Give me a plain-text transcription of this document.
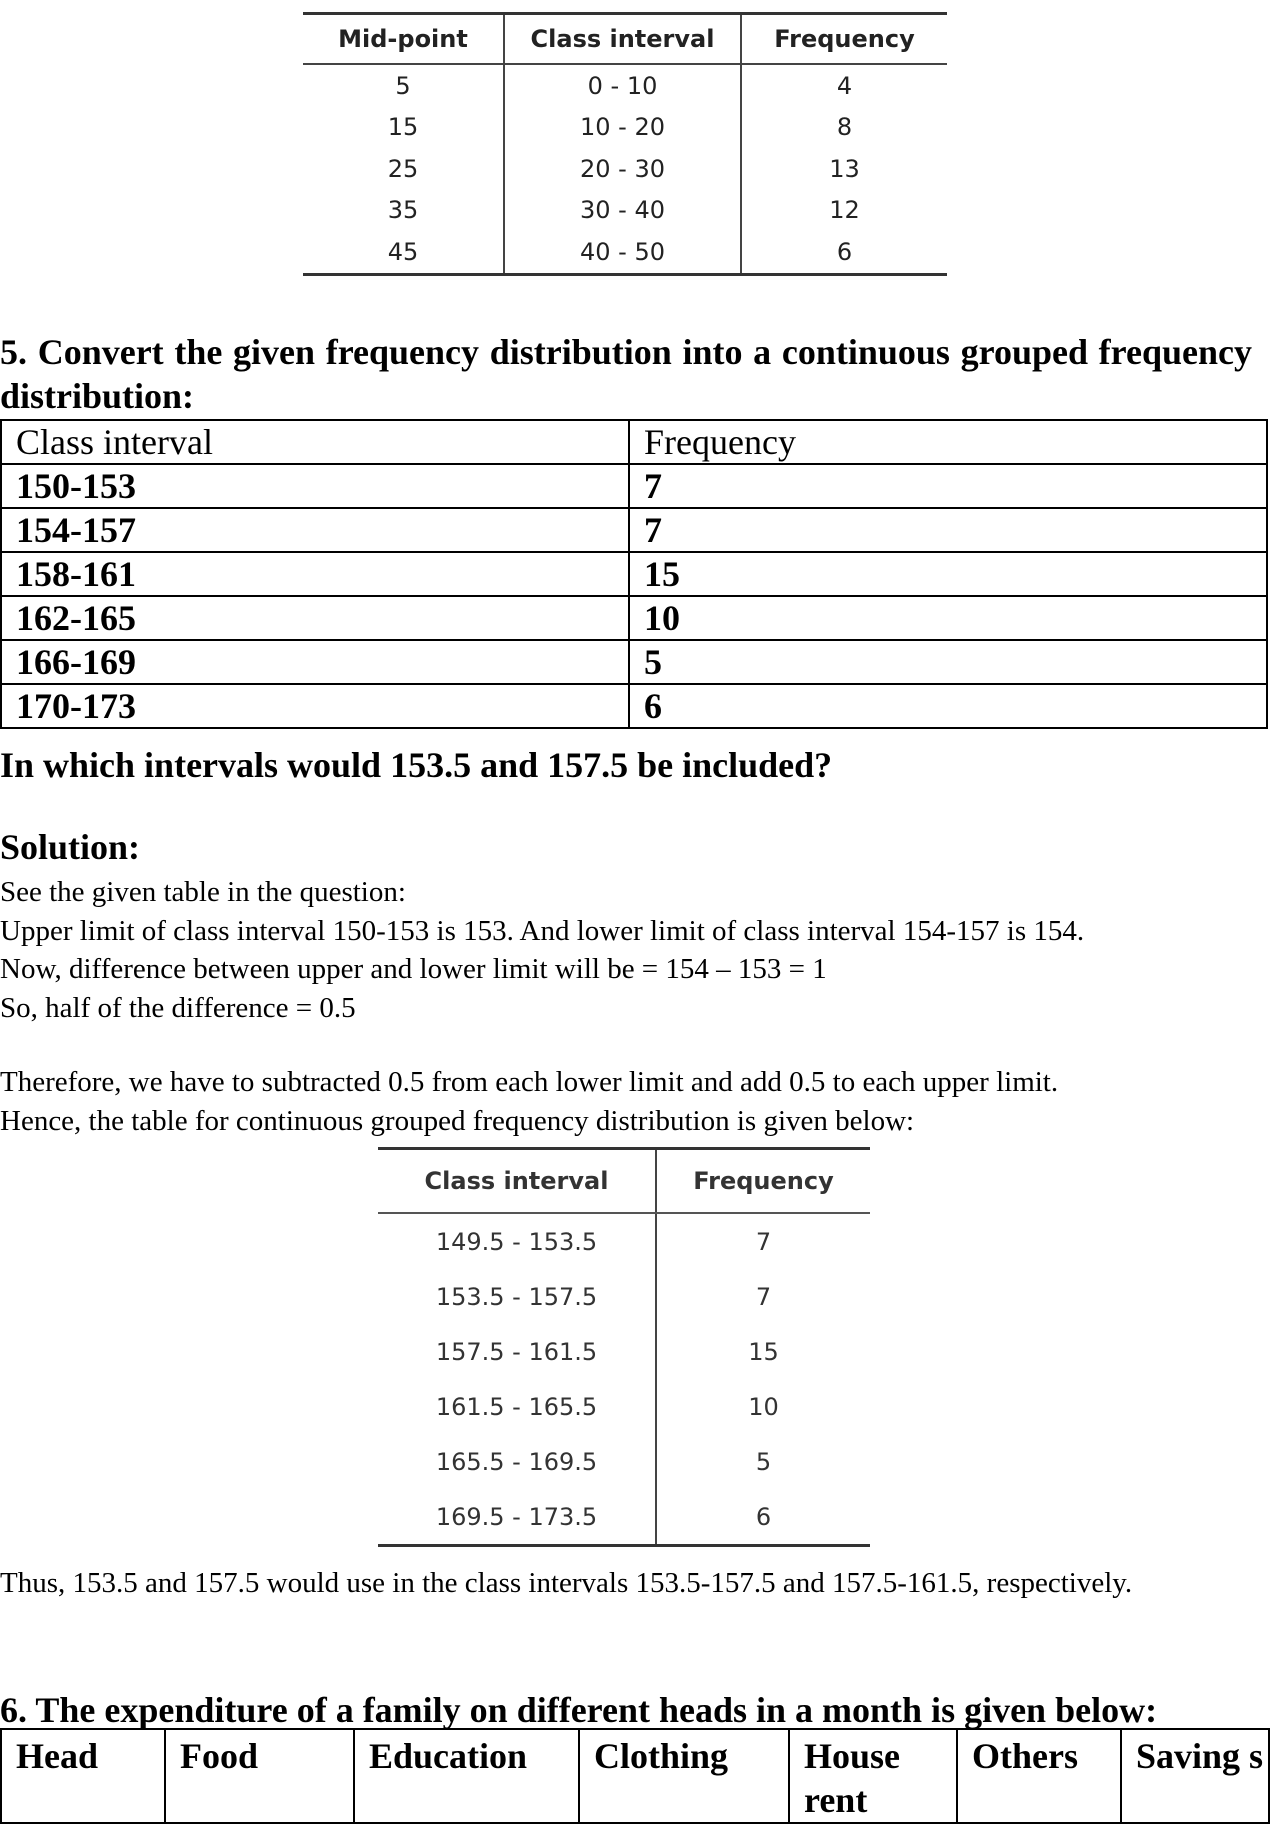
Mid-point	Class interval	Frequency
5	0 - 10	4
15	10 - 20	8
25	20 - 30	13
35	30 - 40	12
45	40 - 50	6
5. Convert the given frequency distribution into a continuous grouped frequency distribution:
Class interval	Frequency
150-153	7
154-157	7
158-161	15
162-165	10
166-169	5
170-173	6
In which intervals would 153.5 and 157.5 be included?
Solution:
See the given table in the question:
Upper limit of class interval 150-153 is 153. And lower limit of class interval 154-157 is 154.
Now, difference between upper and lower limit will be = 154 – 153 = 1
So, half of the difference = 0.5
Therefore, we have to subtracted 0.5 from each lower limit and add 0.5 to each upper limit.
Hence, the table for continuous grouped frequency distribution is given below:
Class interval	Frequency
149.5 - 153.5	7
153.5 - 157.5	7
157.5 - 161.5	15
161.5 - 165.5	10
165.5 - 169.5	5
169.5 - 173.5	6
Thus, 153.5 and 157.5 would use in the class intervals 153.5-157.5 and 157.5-161.5, respectively.
6. The expenditure of a family on different heads in a month is given below:
Head	Food	Education	Clothing	House rent	Others	Saving s
